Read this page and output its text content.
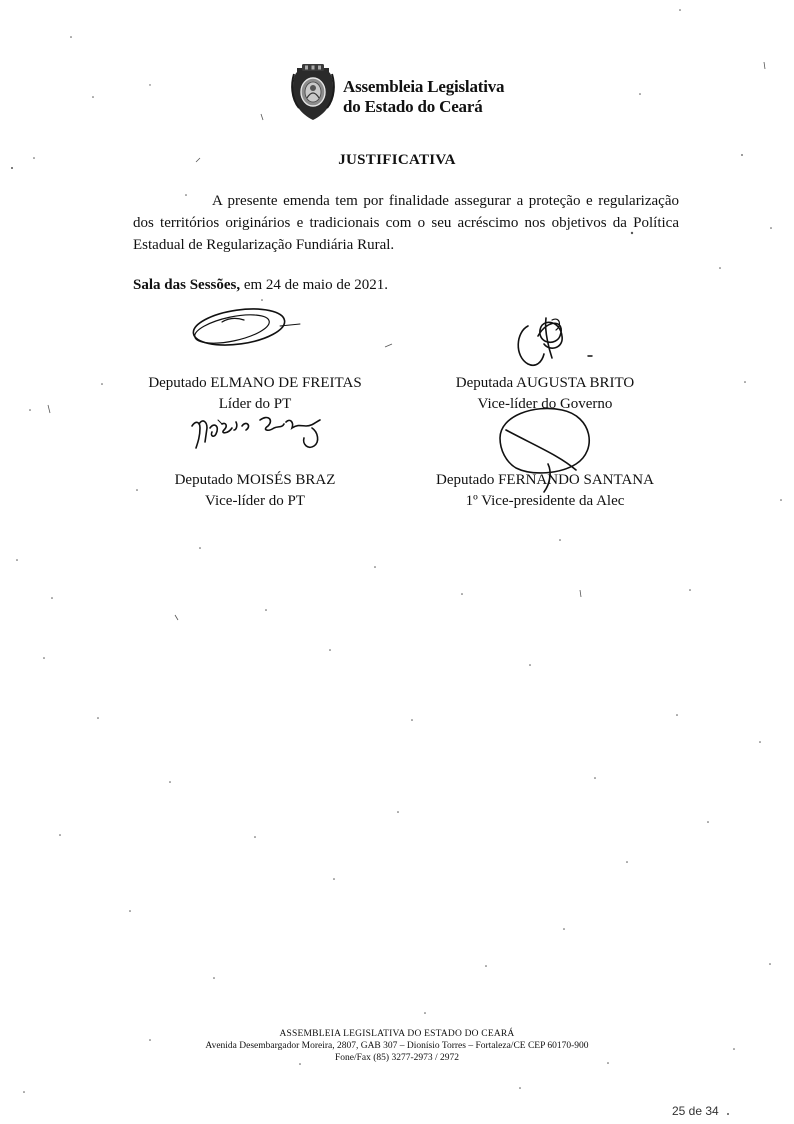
Assembleia Legislativa
do Estado do Ceará
JUSTIFICATIVA
A presente emenda tem por finalidade assegurar a proteção e regularização dos territórios originários e tradicionais com o seu acréscimo nos objetivos da Política Estadual de Regularização Fundiária Rural.
Sala das Sessões, em 24 de maio de 2021.
Deputado ELMANO DE FREITAS
Líder do PT
Deputada AUGUSTA BRITO
Vice-líder do Governo
Deputado MOISÉS BRAZ
Vice-líder do PT
Deputado FERNANDO SANTANA
1º Vice-presidente da Alec
ASSEMBLEIA LEGISLATIVA DO ESTADO DO CEARÁ
Avenida Desembargador Moreira, 2807, GAB 307 – Dionísio Torres – Fortaleza/CE CEP 60170-900
Fone/Fax (85) 3277-2973 / 2972
25 de 34
